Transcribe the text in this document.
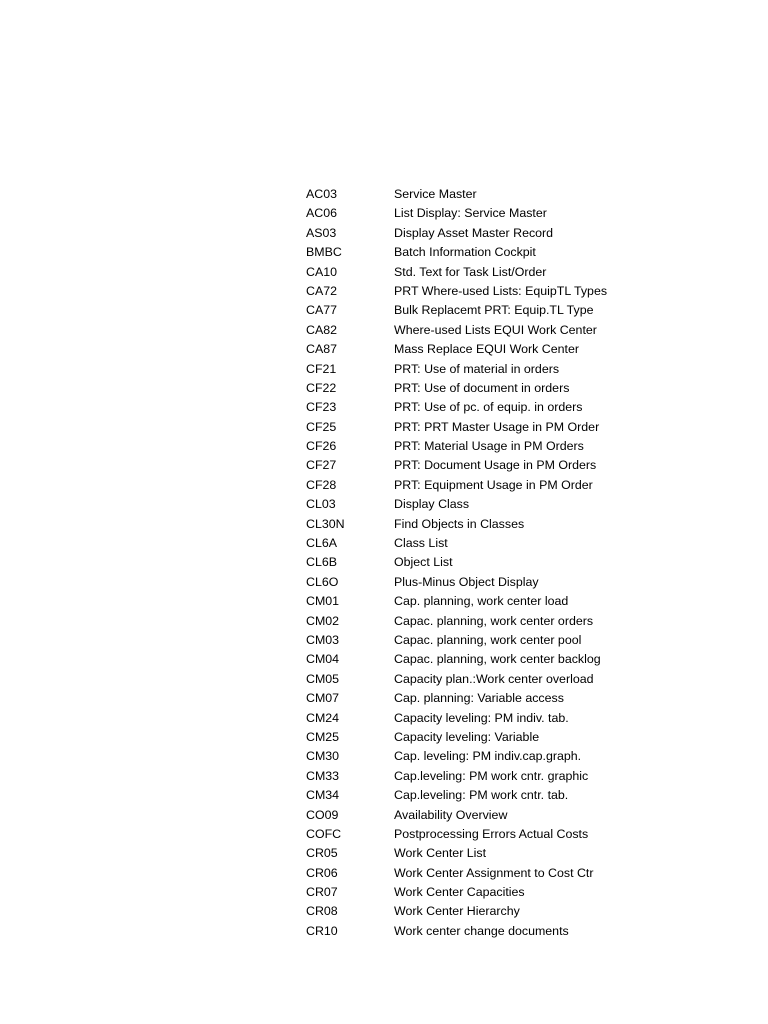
AC03	Service Master
AC06	List Display: Service Master
AS03	Display Asset Master Record
BMBC	Batch Information Cockpit
CA10	Std. Text for Task List/Order
CA72	PRT Where-used Lists: EquipTL Types
CA77	Bulk Replacemt PRT: Equip.TL Type
CA82	Where-used Lists EQUI Work Center
CA87	Mass Replace EQUI Work Center
CF21	PRT: Use of material in orders
CF22	PRT: Use of document in orders
CF23	PRT: Use of pc. of equip. in orders
CF25	PRT: PRT Master Usage in PM Order
CF26	PRT: Material Usage in PM Orders
CF27	PRT: Document Usage in PM Orders
CF28	PRT: Equipment Usage in PM Order
CL03	Display Class
CL30N	Find Objects in Classes
CL6A	Class List
CL6B	Object List
CL6O	Plus-Minus Object Display
CM01	Cap. planning, work center load
CM02	Capac. planning, work center orders
CM03	Capac. planning, work center pool
CM04	Capac. planning, work center backlog
CM05	Capacity plan.:Work center overload
CM07	Cap. planning: Variable access
CM24	Capacity leveling: PM indiv. tab.
CM25	Capacity leveling: Variable
CM30	Cap. leveling: PM indiv.cap.graph.
CM33	Cap.leveling: PM work cntr. graphic
CM34	Cap.leveling: PM work cntr. tab.
CO09	Availability Overview
COFC	Postprocessing Errors Actual Costs
CR05	Work Center List
CR06	Work Center Assignment to Cost Ctr
CR07	Work Center Capacities
CR08	Work Center Hierarchy
CR10	Work center change documents
